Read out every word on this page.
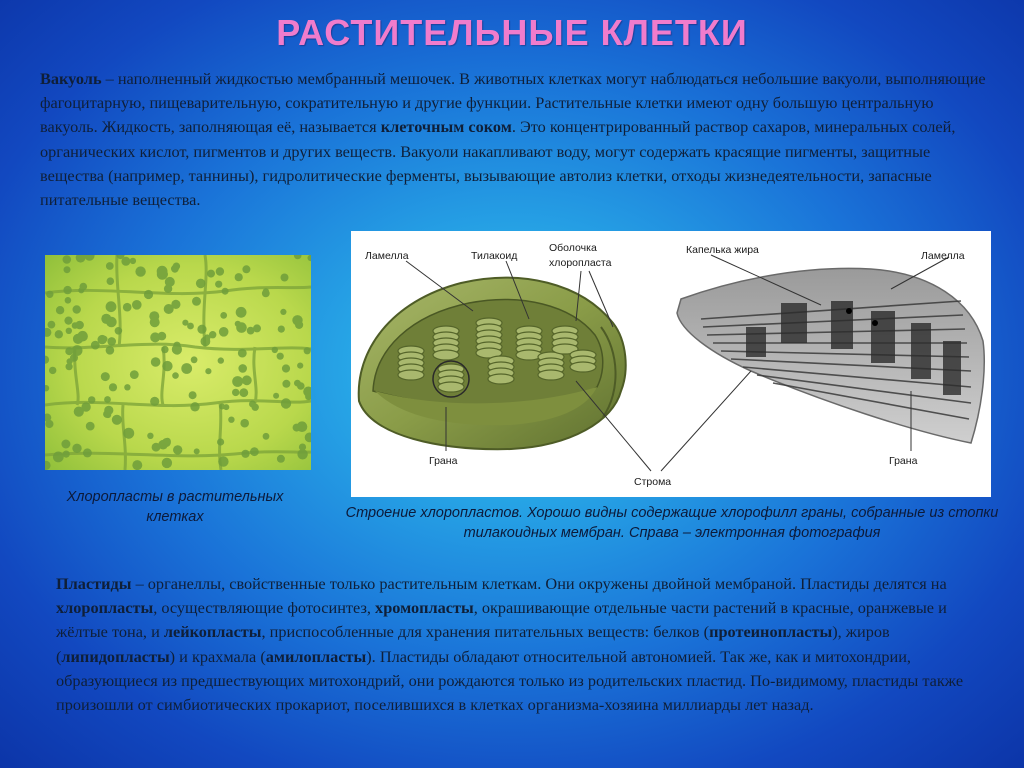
РАСТИТЕЛЬНЫЕ КЛЕТКИ
Вакуоль – наполненный жидкостью мембранный мешочек. В животных клетках могут наблюдаться небольшие вакуоли, выполняющие фагоцитарную, пищеварительную, сократительную и другие функции. Растительные клетки имеют одну большую центральную вакуоль. Жидкость, заполняющая её, называется клеточным соком. Это концентрированный раствор сахаров, минеральных солей, органических кислот, пигментов и других веществ. Вакуоли накапливают воду, могут содержать красящие пигменты, защитные вещества (например, таннины), гидролитические ферменты, вызывающие автолиз клетки, отходы жизнедеятельности, запасные питательные вещества.
Хлоропласты в растительных клетках
Ламелла	Тилакоид
Оболочка
хлоропласта
Капелька жира	Ламелла
Грана
Строма
Грана
Строение хлоропластов. Хорошо видны содержащие хлорофилл граны, собранные из стопки тилакоидных мембран. Справа – электронная фотография
Пластиды – органеллы, свойственные только растительным клеткам. Они окружены двойной мембраной. Пластиды делятся на хлоропласты, осуществляющие фотосинтез, хромопласты, окрашивающие отдельные части растений в красные, оранжевые и жёлтые тона, и лейкопласты, приспособленные для хранения питательных веществ: белков (протеинопласты), жиров (липидопласты) и крахмала (амилопласты). Пластиды обладают относительной автономией. Так же, как и митохондрии, образующиеся из предшествующих митохондрий, они рождаются только из родительских пластид. По-видимому, пластиды также произошли от симбиотических прокариот, поселившихся в клетках организма-хозяина миллиарды лет назад.
